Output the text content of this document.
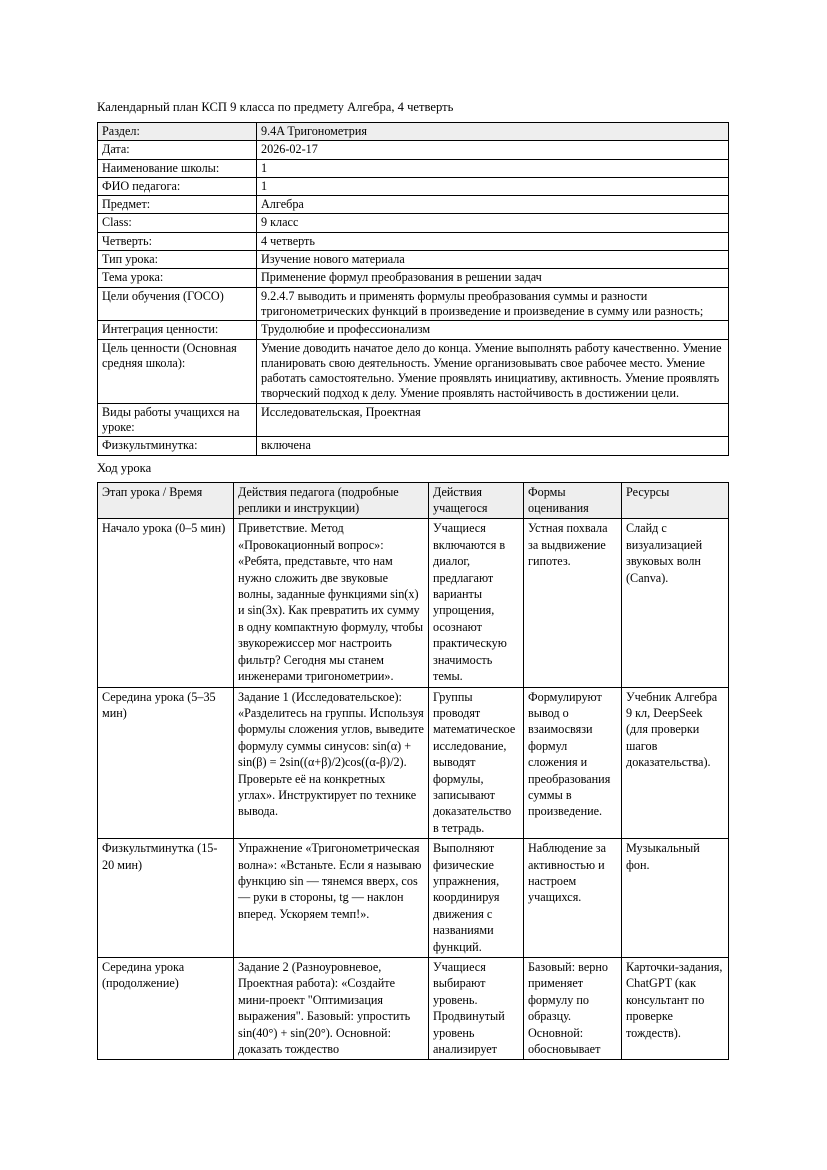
Календарный план КСП 9 класса по предмету Алгебра, 4 четверть

Раздел:	9.4A Тригонометрия
Дата:	2026-02-17
Наименование школы:	1
ФИО педагога:	1
Предмет:	Алгебра
Class:	9 класс
Четверть:	4 четверть
Тип урока:	Изучение нового материала
Тема урока:	Применение формул преобразования в решении задач
Цели обучения (ГОСО)	9.2.4.7 выводить и применять формулы преобразования суммы и разности тригонометрических функций в произведение и произведение в сумму или разность;
Интеграция ценности:	Трудолюбие и профессионализм
Цель ценности (Основная средняя школа):	Умение доводить начатое дело до конца. Умение выполнять работу качественно. Умение планировать свою деятельность. Умение организовывать свое рабочее место. Умение работать самостоятельно. Умение проявлять инициативу, активность. Умение проявлять творческий подход к делу. Умение проявлять настойчивость в достижении цели.
Виды работы учащихся на уроке:	Исследовательская, Проектная
Физкультминутка:	включена

Ход урока

Этап урока / Время	Действия педагога (подробные реплики и инструкции)	Действия учащегося	Формы оценивания	Ресурсы
Начало урока (0–5 мин)	Приветствие. Метод «Провокационный вопрос»: «Ребята, представьте, что нам нужно сложить две звуковые волны, заданные функциями sin(x) и sin(3x). Как превратить их сумму в одну компактную формулу, чтобы звукорежиссер мог настроить фильтр? Сегодня мы станем инженерами тригонометрии».	Учащиеся включаются в диалог, предлагают варианты упрощения, осознают практическую значимость темы.	Устная похвала за выдвижение гипотез.	Слайд с визуализацией звуковых волн (Canva).
Середина урока (5–35 мин)	Задание 1 (Исследовательское): «Разделитесь на группы. Используя формулы сложения углов, выведите формулу суммы синусов: sin(α) + sin(β) = 2sin((α+β)/2)cos((α-β)/2). Проверьте её на конкретных углах». Инструктирует по технике вывода.	Группы проводят математическое исследование, выводят формулы, записывают доказательство в тетрадь.	Формулируют вывод о взаимосвязи формул сложения и преобразования суммы в произведение.	Учебник Алгебра 9 кл, DeepSeek (для проверки шагов доказательства).
Физкультминутка (15-20 мин)	Упражнение «Тригонометрическая волна»: «Встаньте. Если я называю функцию sin — тянемся вверх, cos — руки в стороны, tg — наклон вперед. Ускоряем темп!».	Выполняют физические упражнения, координируя движения с названиями функций.	Наблюдение за активностью и настроем учащихся.	Музыкальный фон.
Середина урока (продолжение)	Задание 2 (Разноуровневое, Проектная работа): «Создайте мини-проект "Оптимизация выражения". Базовый: упростить sin(40°) + sin(20°). Основной: доказать тождество	Учащиеся выбирают уровень. Продвинутый уровень анализирует	Базовый: верно применяет формулу по образцу. Основной: обосновывает	Карточки-задания, ChatGPT (как консультант по проверке тождеств).
